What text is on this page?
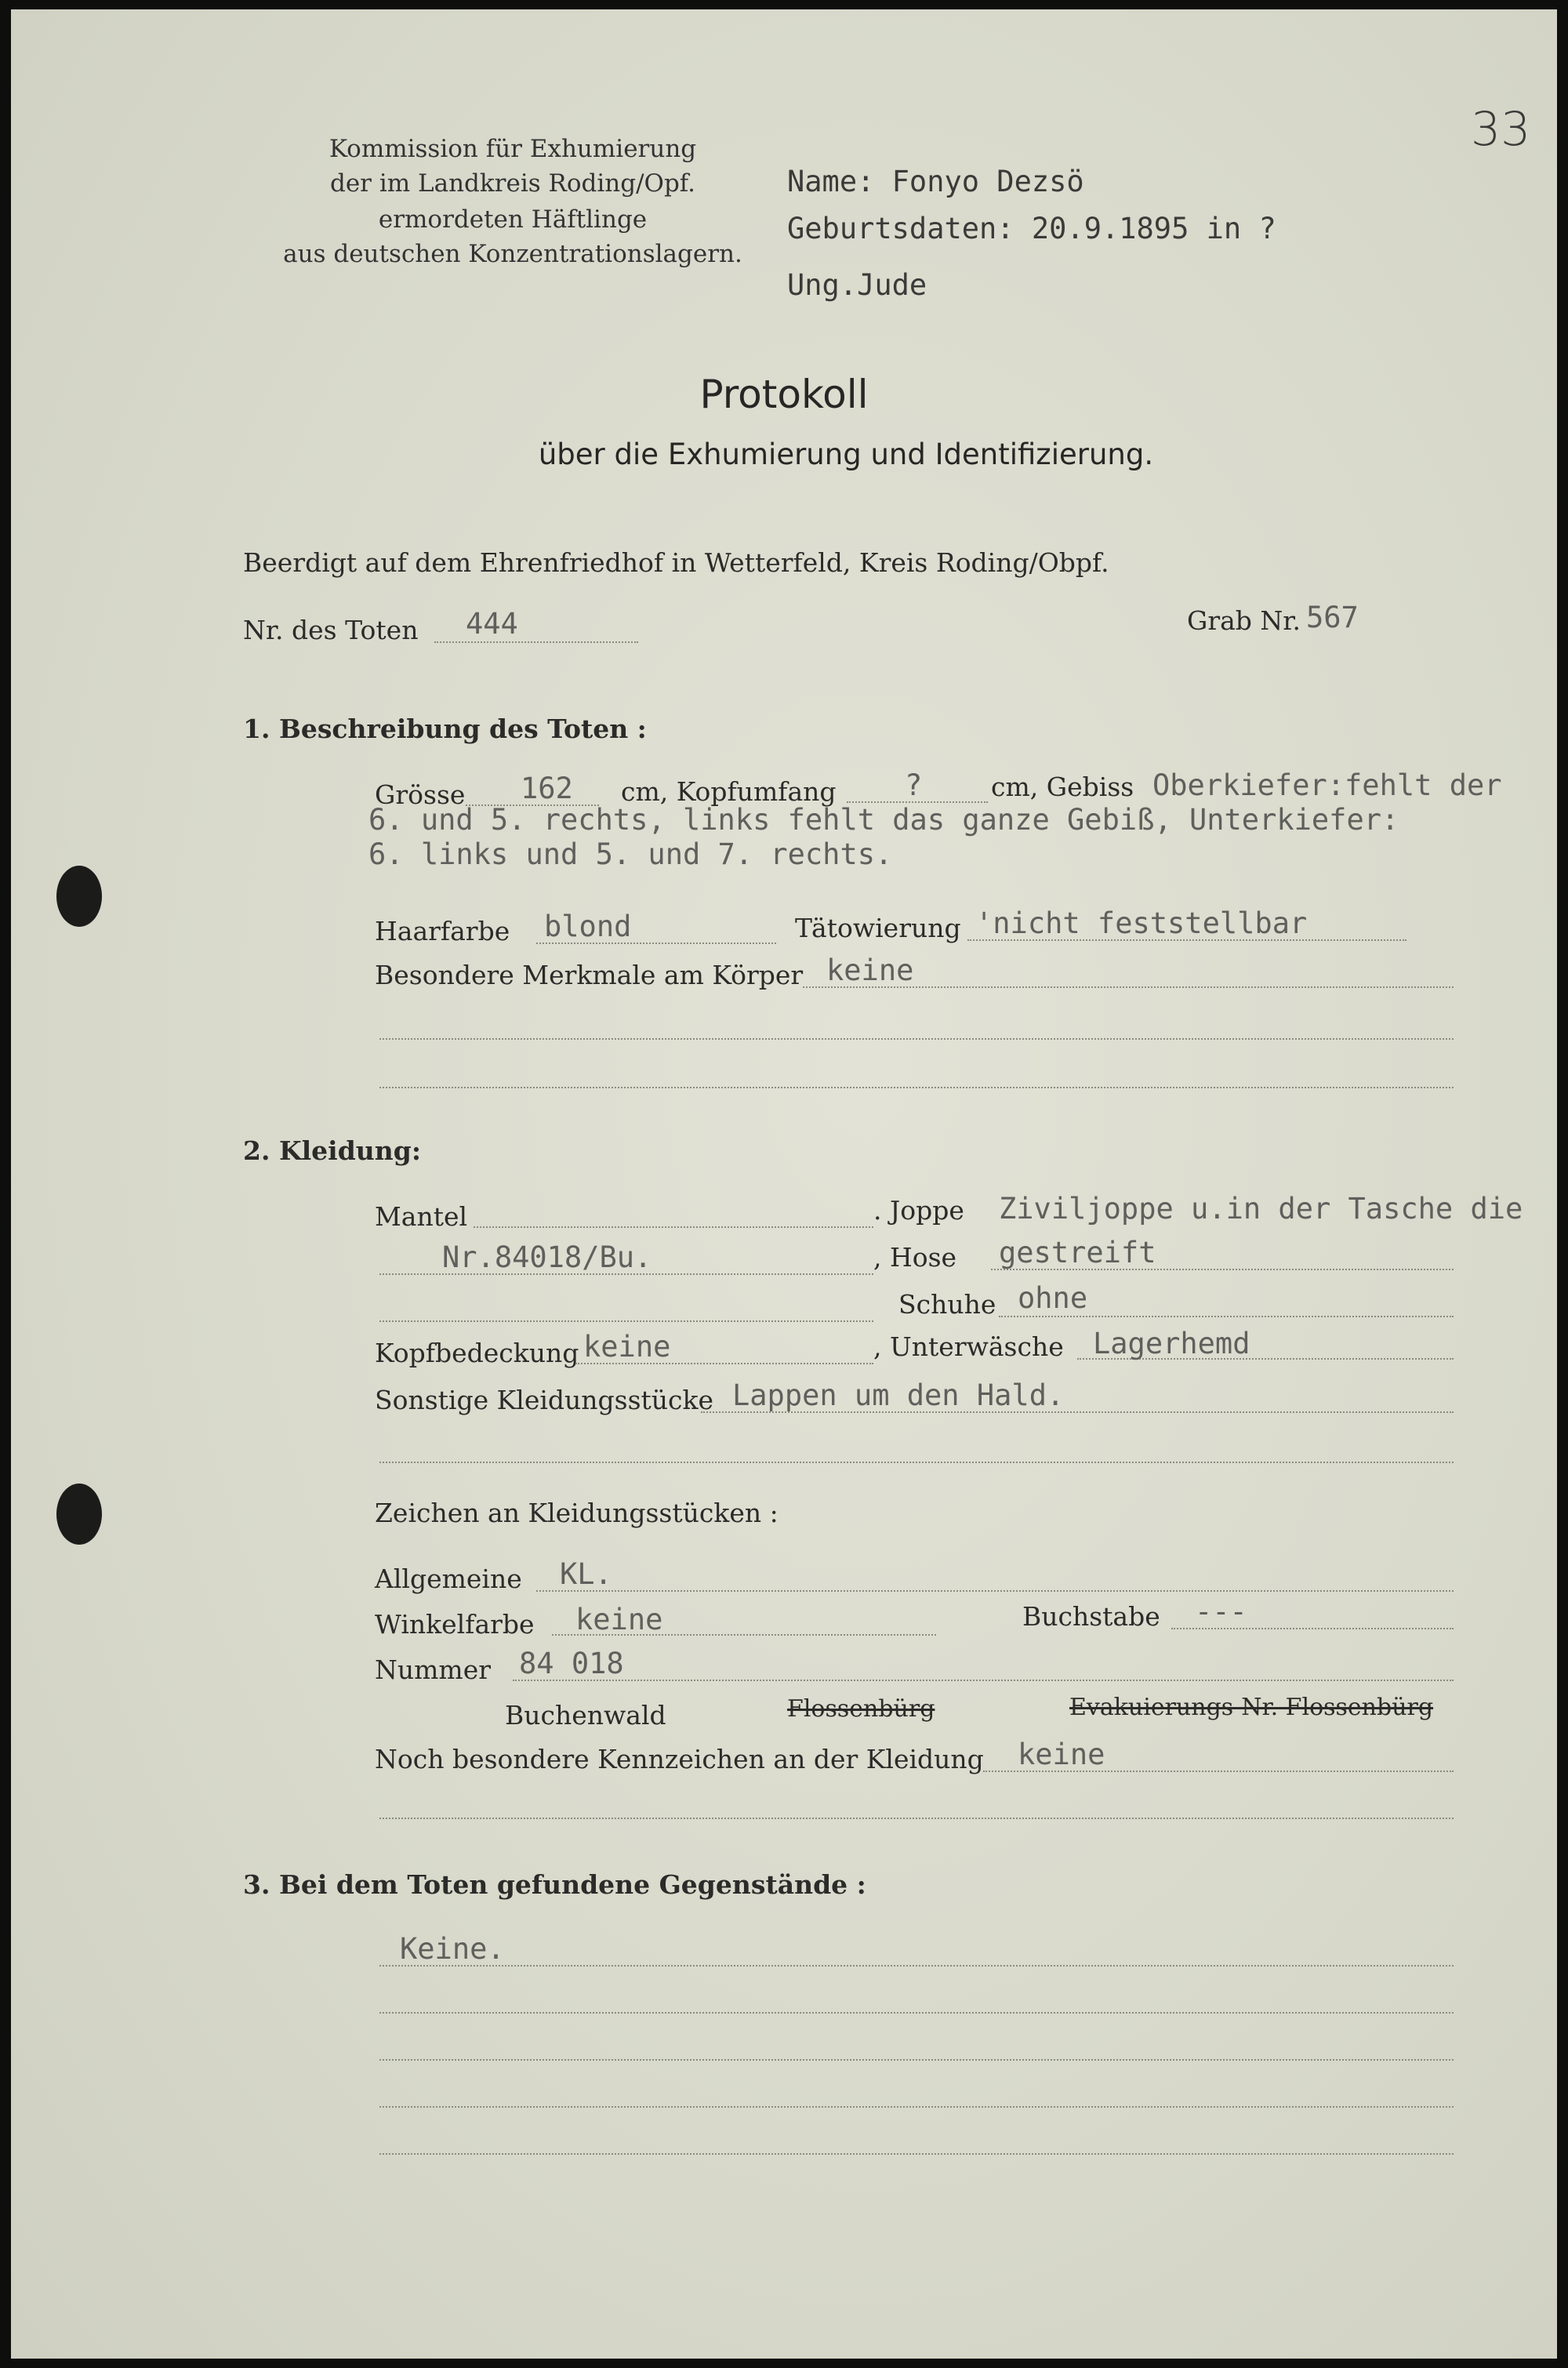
33
Kommission für Exhumierung
der im Landkreis Roding/Opf.
ermordeten Häftlinge
aus deutschen Konzentrationslagern.
Name: Fonyo Dezsö
Geburtsdaten: 20.9.1895 in ?
Ung.Jude
Protokoll
über die Exhumierung und Identifizierung.
Beerdigt auf dem Ehrenfriedhof in Wetterfeld, Kreis Roding/Obpf.
Nr. des Toten 444	Grab Nr. 567
1. Beschreibung des Toten :
Grösse 162 cm, Kopfumfang ?	cm, Gebiss Oberkiefer:fehlt der
6. und 5. rechts, links fehlt das ganze Gebiß, Unterkiefer:
6. links und 5. und 7. rechts.
Haarfarbe blond	Tätowierung 'nicht feststellbar
Besondere Merkmale am Körper keine
2. Kleidung:
Mantel	. Joppe Ziviljoppe u.in der Tasche die
Nr.84018/Bu.	, Hose gestreift
Schuhe ohne
Kopfbedeckung keine	, Unterwäsche Lagerhemd
Sonstige Kleidungsstücke Lappen um den Hald.
Zeichen an Kleidungsstücken :
Allgemeine KL.
Winkelfarbe keine	Buchstabe ---
Nummer 84 018
Buchenwald	Flossenbürg	Evakuierungs-Nr. Flossenbürg
Noch besondere Kennzeichen an der Kleidung keine
3. Bei dem Toten gefundene Gegenstände :
Keine.
